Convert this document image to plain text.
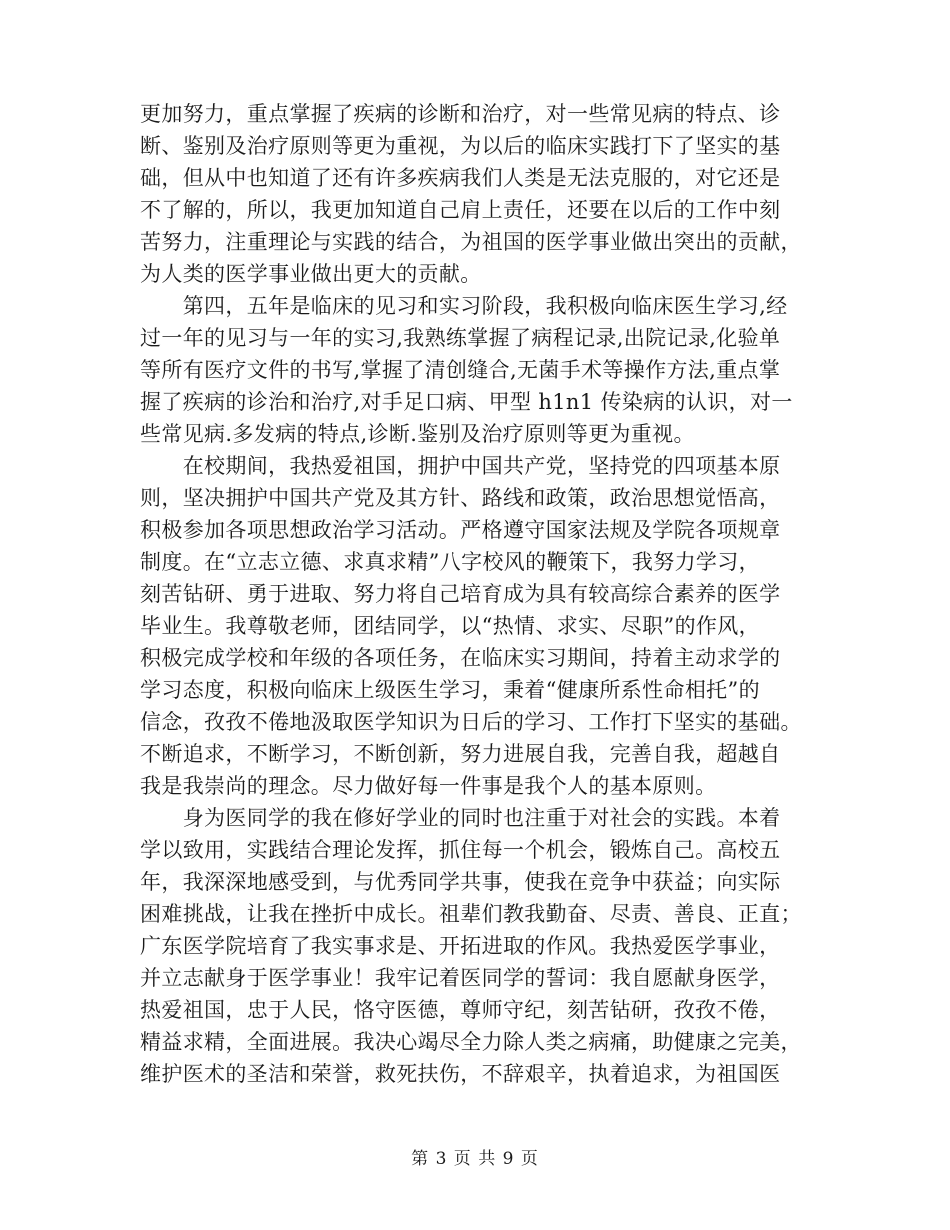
更加努力，重点掌握了疾病的诊断和治疗，对一些常见病的特点、诊
断、鉴别及治疗原则等更为重视，为以后的临床实践打下了坚实的基
础，但从中也知道了还有许多疾病我们人类是无法克服的，对它还是
不了解的，所以，我更加知道自己肩上责任，还要在以后的工作中刻
苦努力，注重理论与实践的结合，为祖国的医学事业做出突出的贡献，
为人类的医学事业做出更大的贡献。
　　第四，五年是临床的见习和实习阶段，我积极向临床医生学习,经
过一年的见习与一年的实习,我熟练掌握了病程记录,出院记录,化验单
等所有医疗文件的书写,掌握了清创缝合,无菌手术等操作方法,重点掌
握了疾病的诊治和治疗,对手足口病、甲型 h1n1 传染病的认识，对一
些常见病.多发病的特点,诊断.鉴别及治疗原则等更为重视。
　　在校期间，我热爱祖国，拥护中国共产党，坚持党的四项基本原
则，坚决拥护中国共产党及其方针、路线和政策，政治思想觉悟高，
积极参加各项思想政治学习活动。严格遵守国家法规及学院各项规章
制度。在“立志立德、求真求精”八字校风的鞭策下，我努力学习，
刻苦钻研、勇于进取、努力将自己培育成为具有较高综合素养的医学
毕业生。我尊敬老师，团结同学，以“热情、求实、尽职”的作风，
积极完成学校和年级的各项任务，在临床实习期间，持着主动求学的
学习态度，积极向临床上级医生学习，秉着“健康所系性命相托”的
信念，孜孜不倦地汲取医学知识为日后的学习、工作打下坚实的基础。
不断追求，不断学习，不断创新，努力进展自我，完善自我，超越自
我是我崇尚的理念。尽力做好每一件事是我个人的基本原则。
　　身为医同学的我在修好学业的同时也注重于对社会的实践。本着
学以致用，实践结合理论发挥，抓住每一个机会，锻炼自己。高校五
年，我深深地感受到，与优秀同学共事，使我在竞争中获益；向实际
困难挑战，让我在挫折中成长。祖辈们教我勤奋、尽责、善良、正直；
广东医学院培育了我实事求是、开拓进取的作风。我热爱医学事业，
并立志献身于医学事业！我牢记着医同学的誓词：我自愿献身医学，
热爱祖国，忠于人民，恪守医德，尊师守纪，刻苦钻研，孜孜不倦，
精益求精，全面进展。我决心竭尽全力除人类之病痛，助健康之完美，
维护医术的圣洁和荣誉，救死扶伤，不辞艰辛，执着追求，为祖国医
第 3 页 共 9 页
